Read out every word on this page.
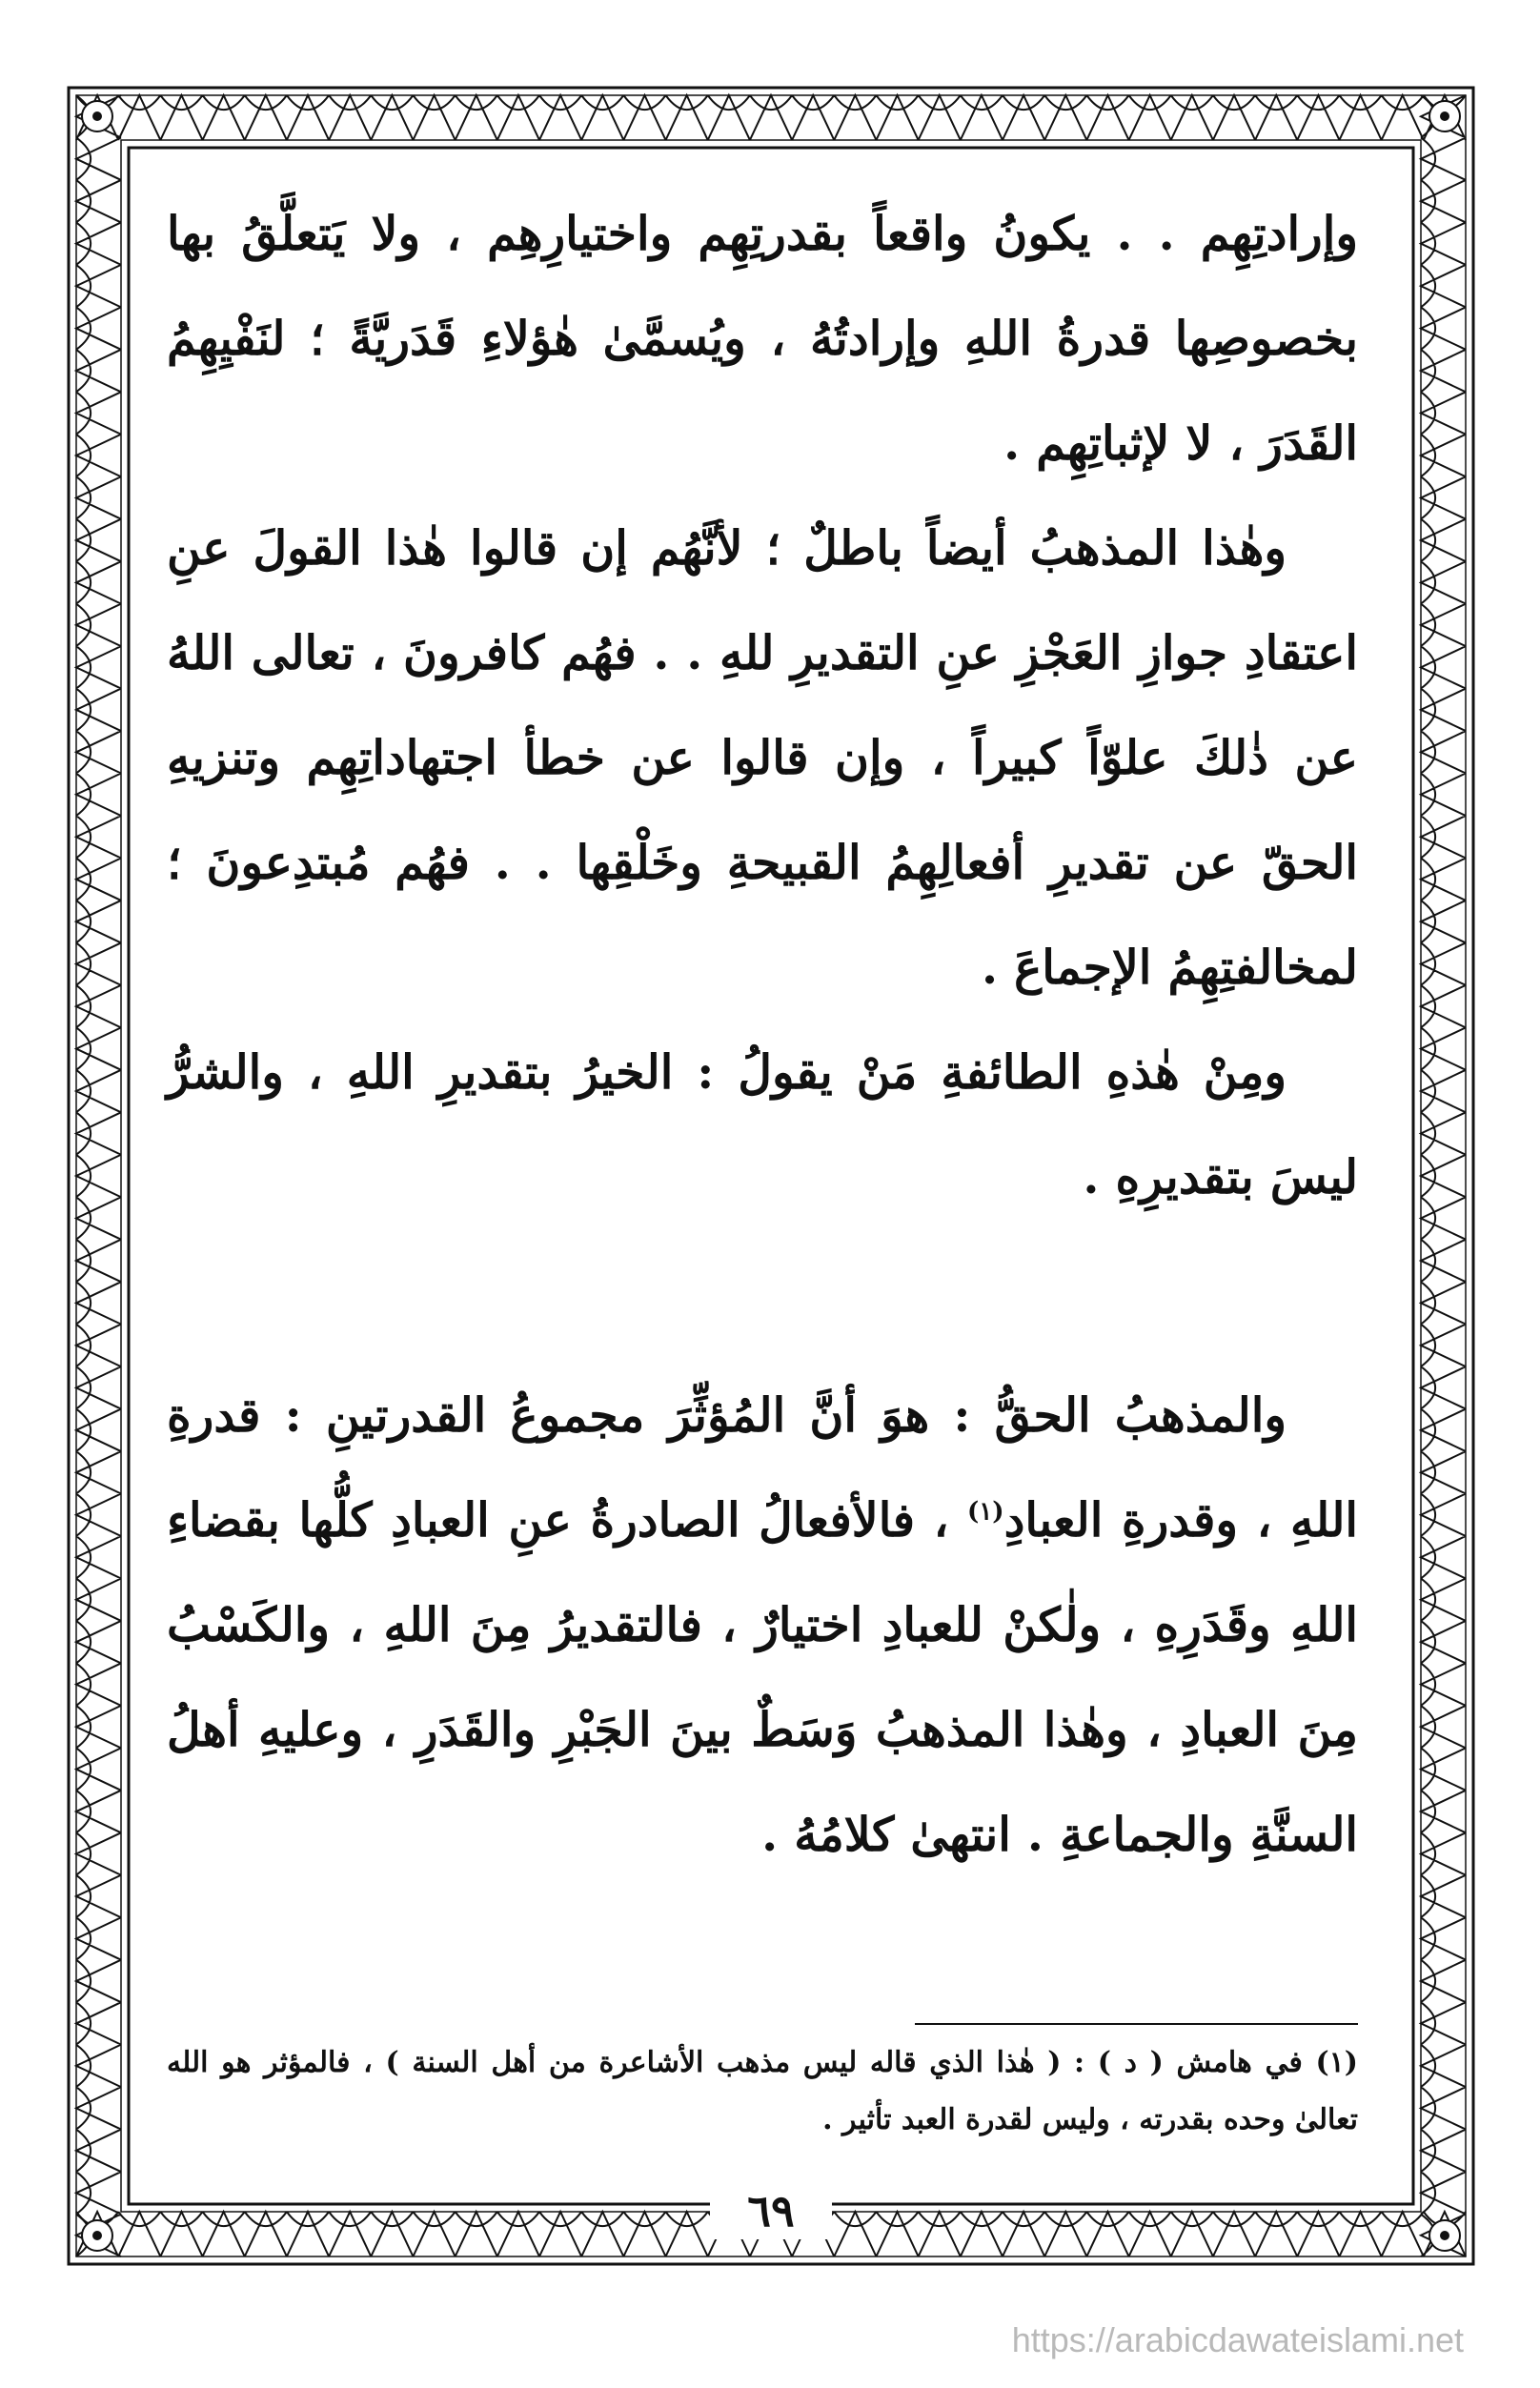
وإرادتِهِم . . يكونُ واقعاً بقدرتِهِم واختيارِهِم ، ولا يَتعلَّقُ بها بخصوصِها قدرةُ اللهِ وإرادتُهُ ، ويُسمَّىٰ هٰؤلاءِ قَدَريَّةً ؛ لنَفْيِهِمُ القَدَرَ ، لا لإثباتِهِم .

وهٰذا المذهبُ أيضاً باطلٌ ؛ لأنَّهُم إن قالوا هٰذا القولَ عنِ اعتقادِ جوازِ العَجْزِ عنِ التقديرِ للهِ . . فهُم كافرونَ ، تعالى اللهُ عن ذٰلكَ علوّاً كبيراً ، وإن قالوا عن خطأ اجتهاداتِهِم وتنزيهِ الحقّ عن تقديرِ أفعالِهِمُ القبيحةِ وخَلْقِها . . فهُم مُبتدِعونَ ؛ لمخالفتِهِمُ الإجماعَ .

ومِنْ هٰذهِ الطائفةِ مَنْ يقولُ : الخيرُ بتقديرِ اللهِ ، والشرُّ ليسَ بتقديرِهِ .

والمذهبُ الحقُّ : هوَ أنَّ المُؤثِّرَ مجموعُ القدرتينِ : قدرةِ اللهِ ، وقدرةِ العبادِ$^{(١)}$ ، فالأفعالُ الصادرةُ عنِ العبادِ كلُّها بقضاءِ اللهِ وقَدَرِهِ ، ولٰكنْ للعبادِ اختيارٌ ، فالتقديرُ مِنَ اللهِ ، والكَسْبُ مِنَ العبادِ ، وهٰذا المذهبُ وَسَطٌ بينَ الجَبْرِ والقَدَرِ ، وعليهِ أهلُ السنَّةِ والجماعةِ . انتهىٰ كلامُهُ .

(١) في هامش ( د ) : ( هٰذا الذي قاله ليس مذهب الأشاعرة من أهل السنة ) ، فالمؤثر هو الله تعالىٰ وحده بقدرته ، وليس لقدرة العبد تأثير .

٦٩
https://arabicdawateislami.net
